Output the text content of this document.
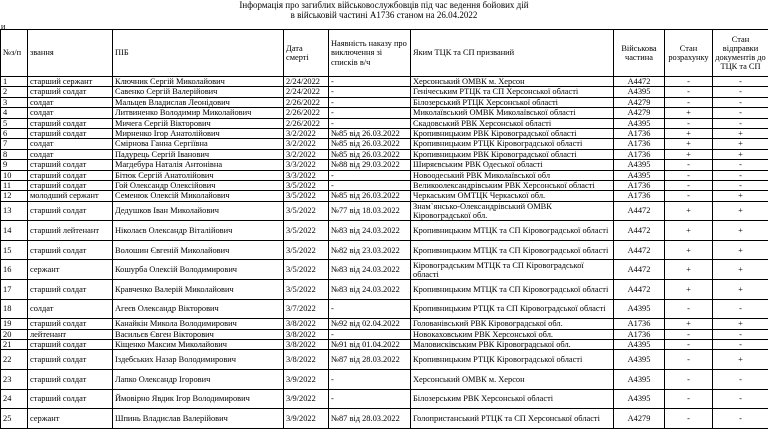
Інформація про загиблих військовослужбовців під час ведення бойових дій
в військовій частині А1736 станом на 26.04.2022
и
№з/п	звання	ПІБ	Дата смерті	Наявність наказу про виключення зі списків в/ч	Яким ТЦК та СП призваний	Військова частина	Стан розрахунку	Стан відправки документів до ТЦК та СП
1	старший сержант	Ключник Сергій Миколайович	2/24/2022	-	Херсонський ОМВК м. Херсон	А4472	-	-
2	старший солдат	Савенко Сергій Валерійович	2/24/2022	-	Генічеським РТЦК та СП Херсонської області	А4395	-	-
3	солдат	Мальцев Владислав Леонідович	2/26/2022	-	Білозерський РТЦК Херсонської області	А4279	-	-
4	солдат	Литвиненко Володимир Миколайович	2/26/2022	-	Миколаївський ОМВК Миколаївської області	А4279	+	-
5	старший солдат	Мичега Сергій Вікторович	2/26/2022	-	Скадовський РВК Херсонської області	А4395	-	-
6	старший солдат	Мирненко Ігор Анатолійович	3/2/2022	№85 від 26.03.2022	Кропивницьким РВК Кіровоградської області	А1736	+	+
7	солдат	Смірнова Ганна Сергіївна	3/2/2022	№85 від 26.03.2022	Кропивницьким РТЦК Кіровоградської області	А1736	+	+
8	солдат	Падурець Сергій Іванович	3/2/2022	№85 від 26.03.2022	Кропивницьким РВК Кіровоградської області	А1736	+	+
9	старший солдат	Магдебура Наталія Антонівна	3/3/2022	№88 від 29.03.2022	Ширяєвським РВК Одеської області	А4395	-	-
10	старший солдат	Бітюк Сергій Анатолійович	3/3/2022	-	Новоодеський РВК Миколаївської обл	А4395	-	-
11	старший солдат	Гой Олександр Олексійович	3/5/2022	-	Великоолександрівським РВК Херсонської області	А1736	-	-
12	молодший сержант	Семенюк Олексій Миколайович	3/5/2022	№85 від 26.03.2022	Черкаським ОМТЦК Черкаської обл.	А1736	-	+
13	старший солдат	Дедушков Іван Миколайович	3/5/2022	№77 від 18.03.2022	Знам`янсько-Олександрівський ОМВК Кіровоградської обл.	А4472	+	+
14	старший лейтенант	Ніколаєв Олександр Віталійович	3/5/2022	№83 від 24.03.2022	Кропивницьким МТЦК та СП Кіровоградської області	А4472	+	+
15	старший солдат	Волошин Євгеній Миколайович	3/5/2022	№82 від 23.03.2022	Кропивницьким МТЦК та СП Кіровоградської області	А4472	+	+
16	сержант	Кошурба Олексій Володимирович	3/5/2022	№83 від 24.03.2022	Кіровоградським МТЦК та СП Кіровоградської області	А4472	+	+
17	старший солдат	Кравченко Валерій Миколайович	3/5/2022	№83 від 24.03.2022	Кропивницьким МТЦК та СП Кіровоградської області	А4472	+	+
18	солдат	Агеєв Олександр Вікторович	3/7/2022	-	Кропивницьким РТЦК та СП Кіровоградської області	А4395	-	-
19	старший солдат	Канайкін Микола Володимирович	3/8/2022	№92 від 02.04.2022	Голованівський РВК Кіровоградської обл.	А1736	+	+
20	лейтенант	Васильєв Євген Вікторович	3/8/2022	-	Новокаховським РВК Херсонської обл.	А1736	-	-
21	старший солдат	Кіщенко Максим Миколайович	3/8/2022	№91 від 01.04.2022	Маловисківським РВК Кіровоградської обл.	А4395	-	-
22	старший солдат	Іздебських Назар Володимирович	3/8/2022	№87 від 28.03.2022	Кропивницьким РТЦК Кіровоградської області	А4395	-	+
23	старший солдат	Лапко Олександр Ігорович	3/9/2022	-	Херсонський ОМВК м. Херсон	А4395	-	-
24	старший солдат	Ймовірно Явдик Ігор Володимирович	3/9/2022	-	Білозерським РВК Херсонської області	А4395	-	-
25	сержант	Шпинь Владислав Валерійович	3/9/2022	№87 від 28.03.2022	Голопристанський РТЦК та СП Херсонської області	А4279	-	-
